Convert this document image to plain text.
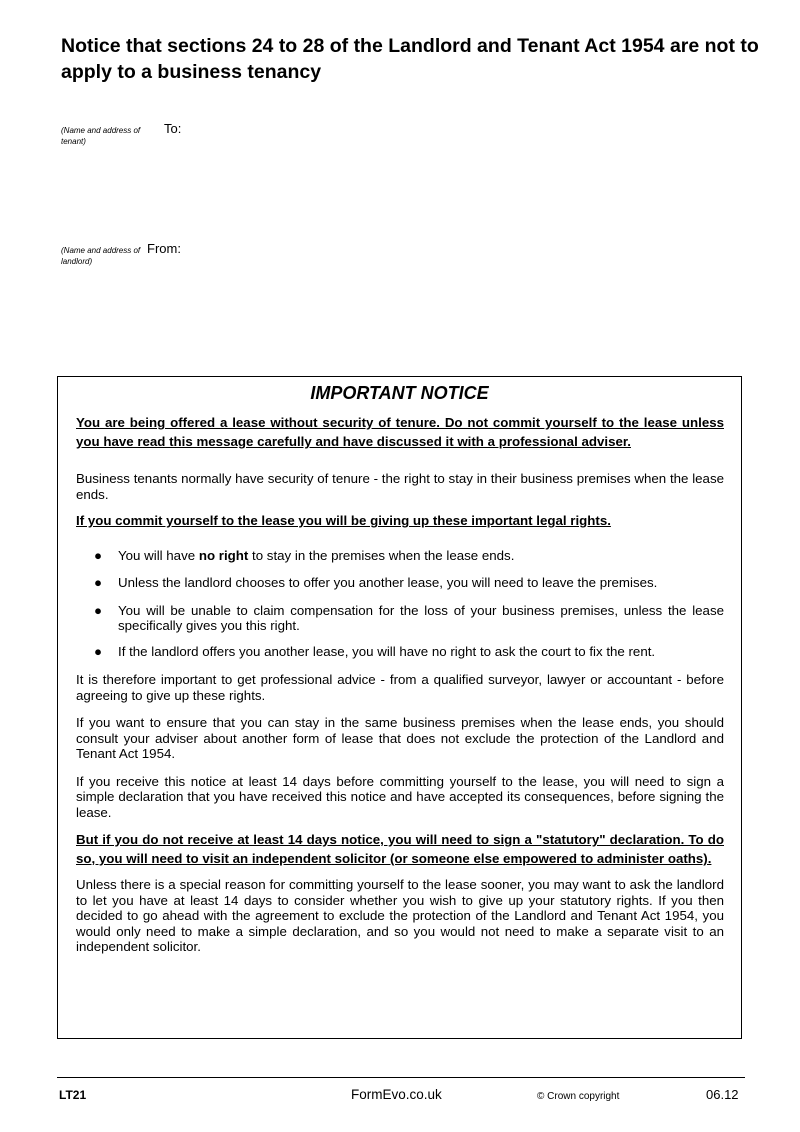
Notice that sections 24 to 28 of the Landlord and Tenant Act 1954 are not to apply to a business tenancy
(Name and address of tenant)
To:
(Name and address of landlord)
From:
IMPORTANT NOTICE

You are being offered a lease without security of tenure. Do not commit yourself to the lease unless you have read this message carefully and have discussed it with a professional adviser.

Business tenants normally have security of tenure - the right to stay in their business premises when the lease ends.

If you commit yourself to the lease you will be giving up these important legal rights.

● You will have no right to stay in the premises when the lease ends.
● Unless the landlord chooses to offer you another lease, you will need to leave the premises.
● You will be unable to claim compensation for the loss of your business premises, unless the lease specifically gives you this right.
● If the landlord offers you another lease, you will have no right to ask the court to fix the rent.

It is therefore important to get professional advice - from a qualified surveyor, lawyer or accountant - before agreeing to give up these rights.

If you want to ensure that you can stay in the same business premises when the lease ends, you should consult your adviser about another form of lease that does not exclude the protection of the Landlord and Tenant Act 1954.

If you receive this notice at least 14 days before committing yourself to the lease, you will need to sign a simple declaration that you have received this notice and have accepted its consequences, before signing the lease.

But if you do not receive at least 14 days notice, you will need to sign a "statutory" declaration. To do so, you will need to visit an independent solicitor (or someone else empowered to administer oaths).

Unless there is a special reason for committing yourself to the lease sooner, you may want to ask the landlord to let you have at least 14 days to consider whether you wish to give up your statutory rights. If you then decided to go ahead with the agreement to exclude the protection of the Landlord and Tenant Act 1954, you would only need to make a simple declaration, and so you would not need to make a separate visit to an independent solicitor.

LT21	FormEvo.co.uk	© Crown copyright	06.12
